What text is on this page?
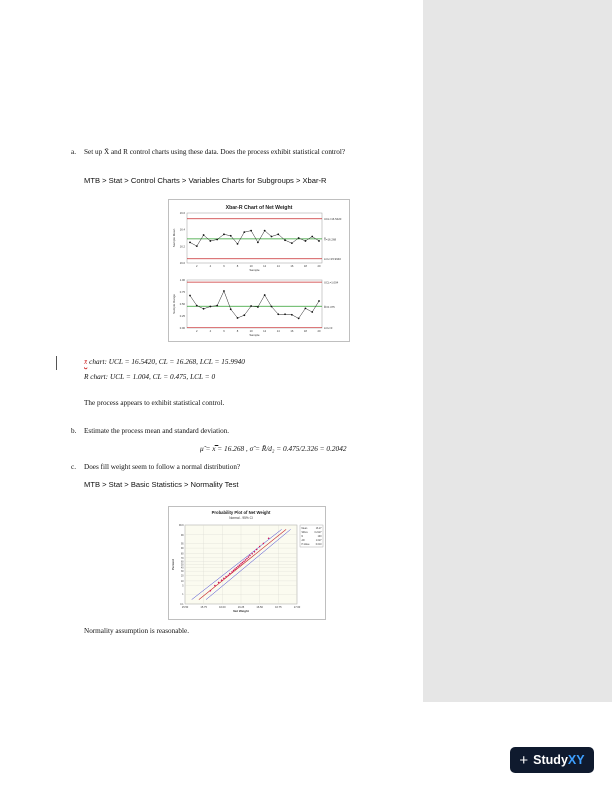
a. Set up X̄ and R control charts using these data. Does the process exhibit statistical control?
MTB > Stat > Control Charts > Variables Charts for Subgroups > Xbar-R
Xbar-R Chart of Net Weight
UCL=16.5420
X̿=16.268
LCL=15.9940
16.6
16.4
16.2
16.0
2	4	6	8	10	12	14	16	18	20
Sample
Sample Mean
UCL=1.004
R̄=0.475
LCL=0
1.00
0.75
0.50
0.25
0.00
2	4	6	8	10	12	14	16	18	20
Sample
Sample Range
x̄ chart: UCL = 16.5420, CL = 16.268, LCL = 15.9940
R chart: UCL = 1.004, CL = 0.475, LCL = 0
The process appears to exhibit statistical control.
b. Estimate the process mean and standard deviation.
μ̂ = x̿ = 16.268 , σ̂ = R̄/d₂ = 0.475/2.326 = 0.2042
c. Does fill weight seem to follow a normal distribution?
MTB > Stat > Basic Statistics > Normality Test
Probability Plot of Net Weight
Normal - 95% CI
99.9
99
95
90
80
70
60
50
40
30
20
10
5
1
0.1
15.50	15.75	16.00	16.25	16.50	16.75	17.00
Net Weight
Percent
Mean	16.27
StDev	0.2127
N	100
AD	1.027
P-Value	0.010
Normality assumption is reasonable.
+ StudyXY
